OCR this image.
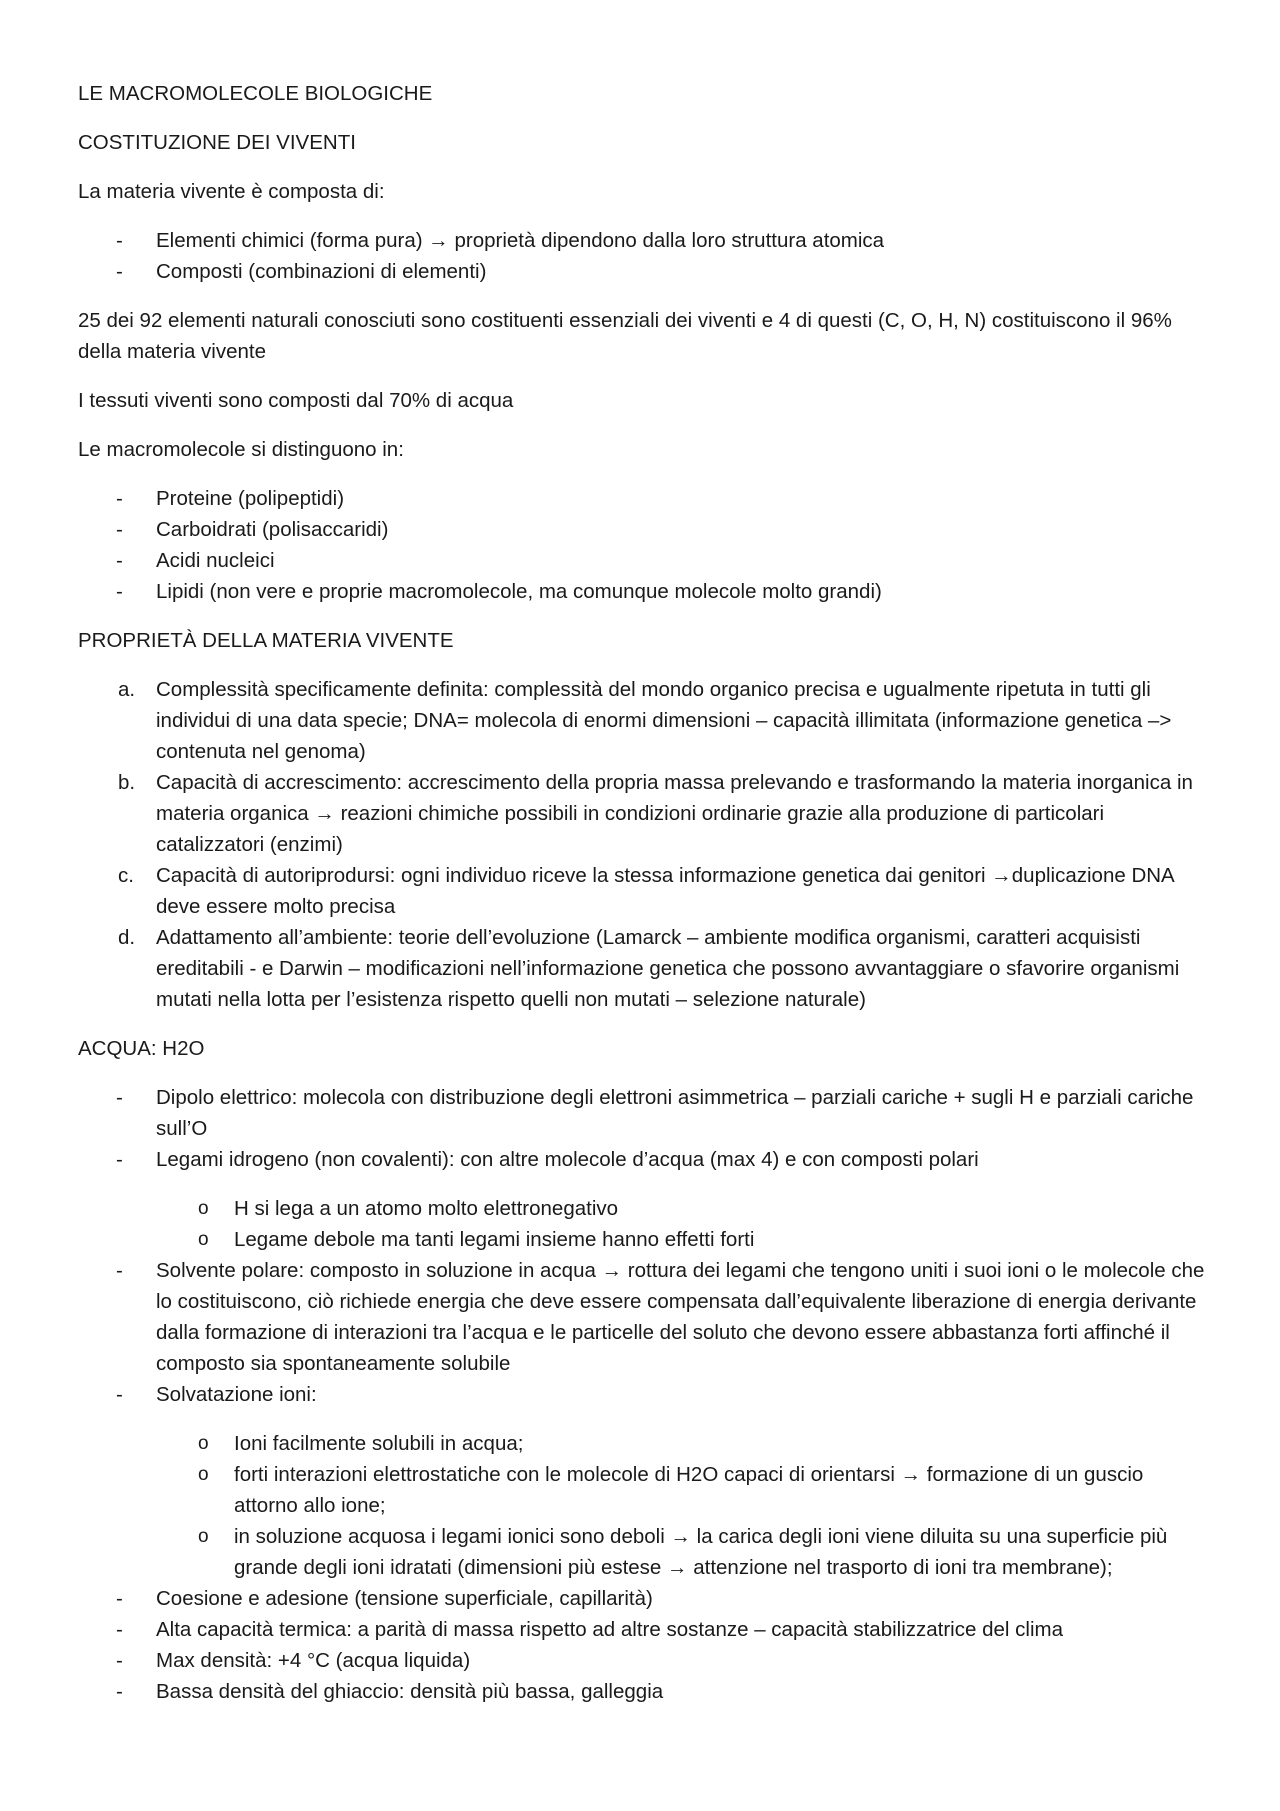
LE MACROMOLECOLE BIOLOGICHE

COSTITUZIONE DEI VIVENTI

La materia vivente è composta di:

-	Elementi chimici (forma pura) → proprietà dipendono dalla loro struttura atomica
-	Composti (combinazioni di elementi)

25 dei 92 elementi naturali conosciuti sono costituenti essenziali dei viventi e 4 di questi (C, O, H, N) costituiscono il 96% della materia vivente

I tessuti viventi sono composti dal 70% di acqua

Le macromolecole si distinguono in:

-	Proteine (polipeptidi)
-	Carboidrati (polisaccaridi)
-	Acidi nucleici
-	Lipidi (non vere e proprie macromolecole, ma comunque molecole molto grandi)

PROPRIETÀ DELLA MATERIA VIVENTE

a.	Complessità specificamente definita: complessità del mondo organico precisa e ugualmente ripetuta in tutti gli individui di una data specie; DNA= molecola di enormi dimensioni – capacità illimitata (informazione genetica –> contenuta nel genoma)
b.	Capacità di accrescimento: accrescimento della propria massa prelevando e trasformando la materia inorganica in materia organica → reazioni chimiche possibili in condizioni ordinarie grazie alla produzione di particolari catalizzatori (enzimi)
c.	Capacità di autoriprodursi: ogni individuo riceve la stessa informazione genetica dai genitori →duplicazione DNA deve essere molto precisa
d.	Adattamento all’ambiente: teorie dell’evoluzione (Lamarck – ambiente modifica organismi, caratteri acquisisti ereditabili - e Darwin – modificazioni nell’informazione genetica che possono avvantaggiare o sfavorire organismi mutati nella lotta per l’esistenza rispetto quelli non mutati – selezione naturale)

ACQUA: H2O

-	Dipolo elettrico: molecola con distribuzione degli elettroni asimmetrica – parziali cariche + sugli H e parziali cariche sull’O
-	Legami idrogeno (non covalenti): con altre molecole d’acqua (max 4) e con composti polari
o	H si lega a un atomo molto elettronegativo
o	Legame debole ma tanti legami insieme hanno effetti forti
-	Solvente polare: composto in soluzione in acqua → rottura dei legami che tengono uniti i suoi ioni o le molecole che lo costituiscono, ciò richiede energia che deve essere compensata dall’equivalente liberazione di energia derivante dalla formazione di interazioni tra l’acqua e le particelle del soluto che devono essere abbastanza forti affinché il composto sia spontaneamente solubile
-	Solvatazione ioni:
o	Ioni facilmente solubili in acqua;
o	forti interazioni elettrostatiche con le molecole di H2O capaci di orientarsi → formazione di un guscio attorno allo ione;
o	in soluzione acquosa i legami ionici sono deboli → la carica degli ioni viene diluita su una superficie più grande degli ioni idratati (dimensioni più estese → attenzione nel trasporto di ioni tra membrane);
-	Coesione e adesione (tensione superficiale, capillarità)
-	Alta capacità termica: a parità di massa rispetto ad altre sostanze – capacità stabilizzatrice del clima
-	Max densità: +4 °C (acqua liquida)
-	Bassa densità del ghiaccio: densità più bassa, galleggia
